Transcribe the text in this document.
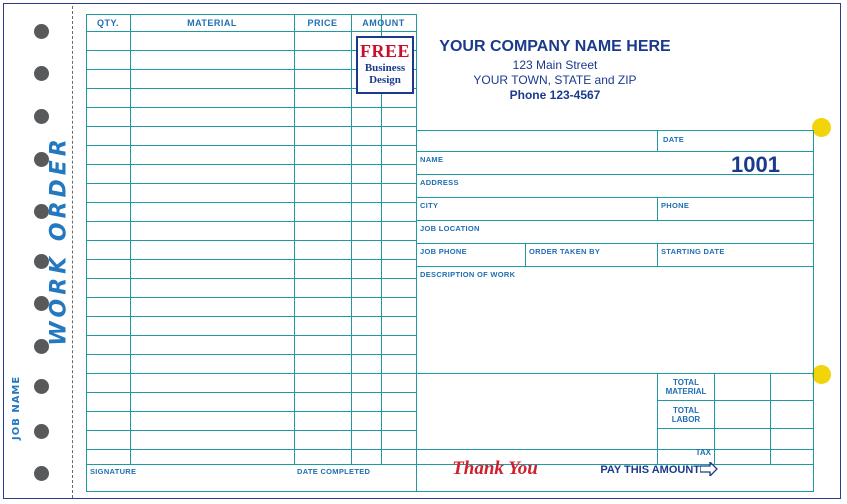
WORK ORDER
JOB NAME
QTY.	MATERIAL	PRICE	AMOUNT
DATE
NAME
ADDRESS
CITY	PHONE
JOB LOCATION
JOB PHONE	ORDER TAKEN BY	STARTING DATE
DESCRIPTION OF WORK
SIGNATURE	DATE COMPLETED
TOTAL
MATERIAL
TOTAL
LABOR
TAX
FREE
Business
Design
YOUR COMPANY NAME HERE
123 Main Street
YOUR TOWN, STATE and ZIP
Phone 123-4567
1001
Thank You	PAY THIS AMOUNT
